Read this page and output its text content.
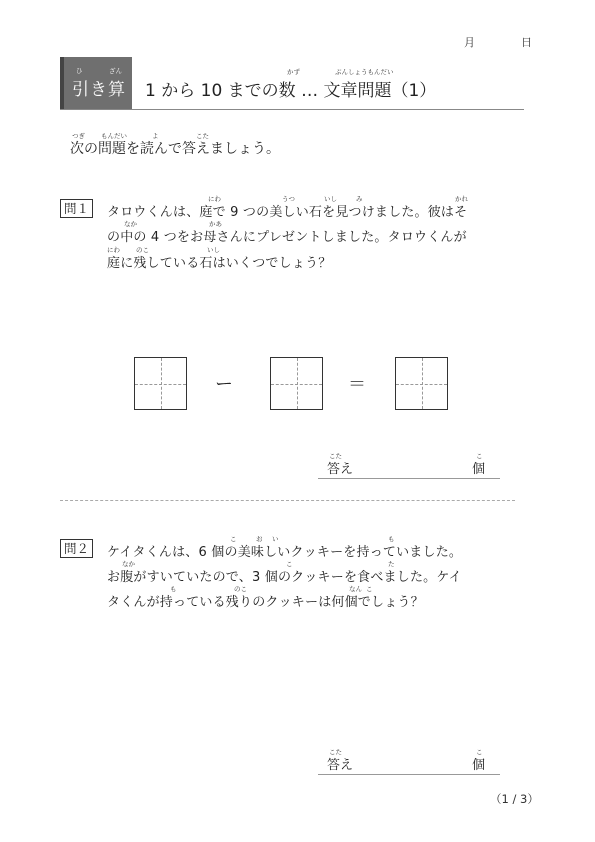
月	日
ひ	ざん
引き算
かず	ぶんしょうもんだい
1 から 10 までの数 … 文章問題（1）
つぎ もんだい	よ	こた
次の問題を読んで答えましょう。
問１
にわ	うつ	いし	み	かれ
タロウくんは、庭で 9 つの美しい石を見つけました。彼はそ
なか	かあ
の中の 4 つをお母さんにプレゼントしました。タロウくんが
にわ のこ	いし
庭に残している石はいくつでしょう？
ー	＝
こた
答え
こ
個
問２
こ	お い	も
ケイタくんは、6 個の美味しいクッキーを持っていました。
なか	こ	た
お腹がすいていたので、3 個のクッキーを食べました。ケイ
も	のこ	なん こ
タくんが持っている残りのクッキーは何個でしょう？
こた
答え
こ
個
（1 / 3）
